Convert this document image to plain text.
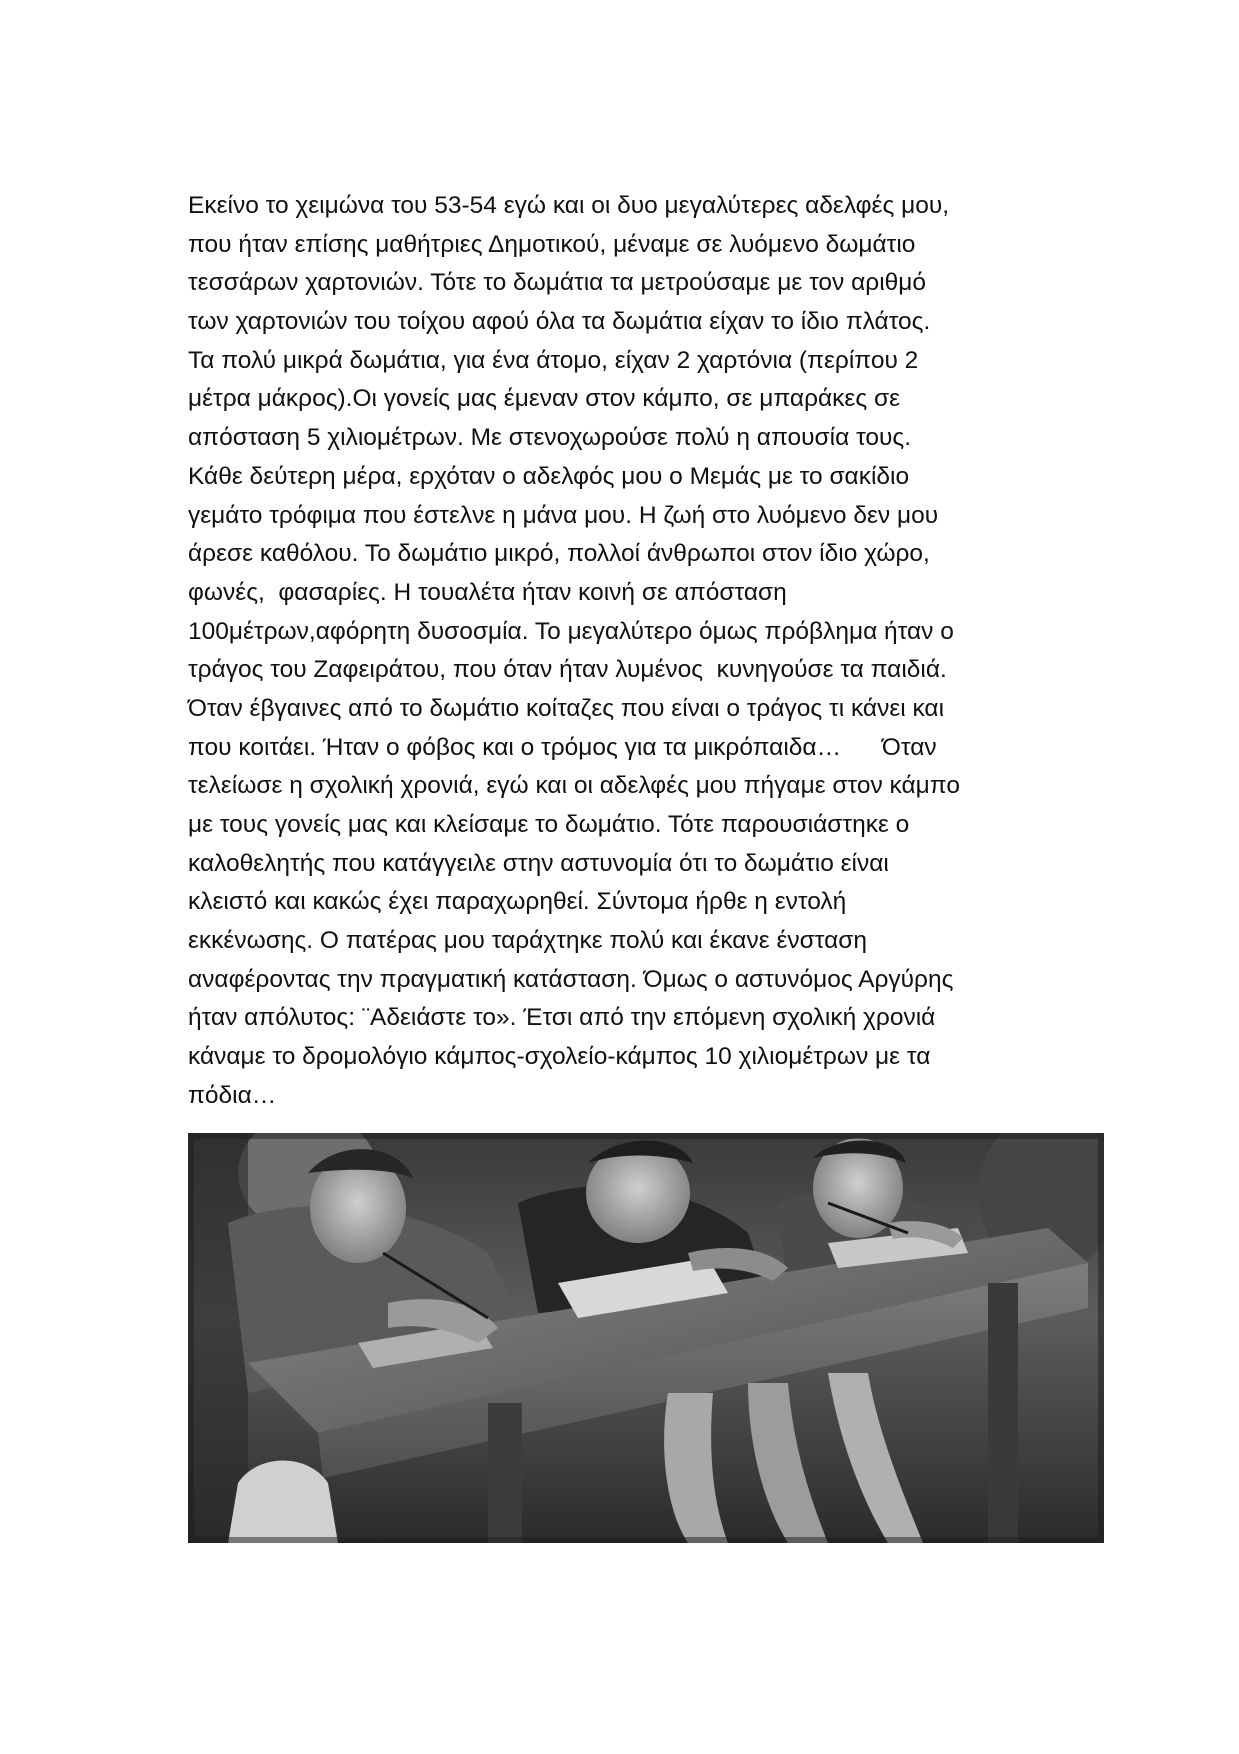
Εκείνο το χειμώνα του 53-54 εγώ και οι δυο μεγαλύτερες αδελφές μου,
που ήταν επίσης μαθήτριες Δημοτικού, μέναμε σε λυόμενο δωμάτιο
τεσσάρων χαρτονιών. Τότε το δωμάτια τα μετρούσαμε με τον αριθμό
των χαρτονιών του τοίχου αφού όλα τα δωμάτια είχαν το ίδιο πλάτος.
Τα πολύ μικρά δωμάτια, για ένα άτομο, είχαν 2 χαρτόνια (περίπου 2
μέτρα μάκρος).Οι γονείς μας έμεναν στον κάμπο, σε μπαράκες σε
απόσταση 5 χιλιομέτρων. Με στενοχωρούσε πολύ η απουσία τους.
Κάθε δεύτερη μέρα, ερχόταν ο αδελφός μου ο Μεμάς με το σακίδιο
γεμάτο τρόφιμα που έστελνε η μάνα μου. Η ζωή στο λυόμενο δεν μου
άρεσε καθόλου. Το δωμάτιο μικρό, πολλοί άνθρωποι στον ίδιο χώρο,
φωνές,  φασαρίες. Η τουαλέτα ήταν κοινή σε απόσταση
100μέτρων,αφόρητη δυσοσμία. Το μεγαλύτερο όμως πρόβλημα ήταν ο
τράγος του Ζαφειράτου, που όταν ήταν λυμένος  κυνηγούσε τα παιδιά.
Όταν έβγαινες από το δωμάτιο κοίταζες που είναι ο τράγος τι κάνει και
που κοιτάει. Ήταν ο φόβος και ο τρόμος για τα μικρόπαιδα…      Όταν
τελείωσε η σχολική χρονιά, εγώ και οι αδελφές μου πήγαμε στον κάμπο
με τους γονείς μας και κλείσαμε το δωμάτιο. Τότε παρουσιάστηκε ο
καλοθελητής που κατάγγειλε στην αστυνομία ότι το δωμάτιο είναι
κλειστό και κακώς έχει παραχωρηθεί. Σύντομα ήρθε η εντολή
εκκένωσης. Ο πατέρας μου ταράχτηκε πολύ και έκανε ένσταση
αναφέροντας την πραγματική κατάσταση. Όμως ο αστυνόμος Αργύρης
ήταν απόλυτος: ¨Αδειάστε το». Έτσι από την επόμενη σχολική χρονιά
κάναμε το δρομολόγιο κάμπος-σχολείο-κάμπος 10 χιλιομέτρων με τα
πόδια…
